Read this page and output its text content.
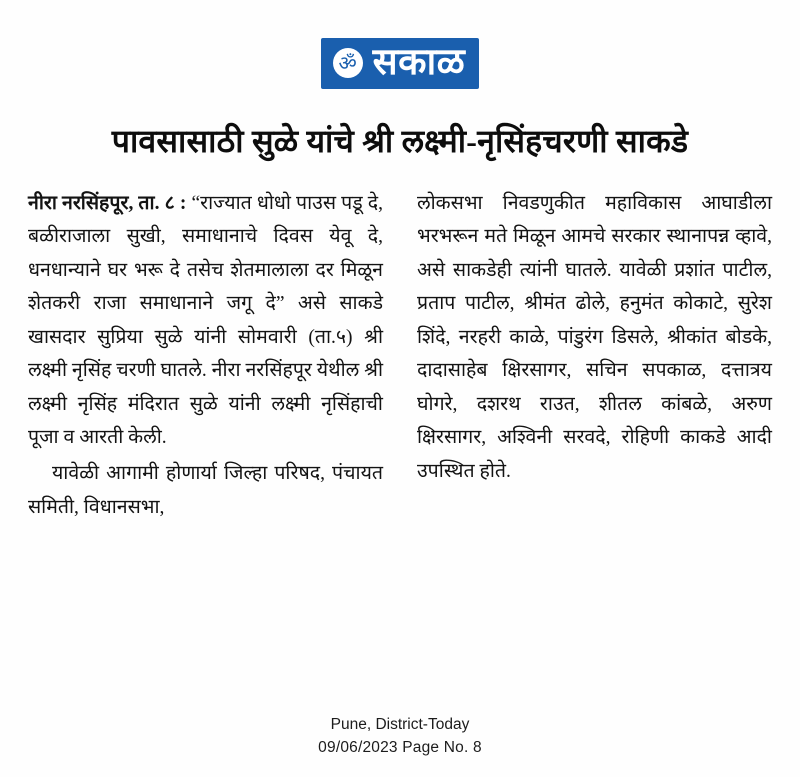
ॐ सकाळ
पावसासाठी सुळे यांचे श्री लक्ष्मी-नृसिंहचरणी साकडे

नीरा नरसिंहपूर, ता. ८ : “राज्यात धोधो पाउस पडू दे, बळीराजाला सुखी, समाधानाचे दिवस येवू दे, धनधान्याने घर भरू दे तसेच शेतमालाला दर मिळून शेतकरी राजा समाधानाने जगू दे” असे साकडे खासदार सुप्रिया सुळे यांनी सोमवारी (ता.५) श्री लक्ष्मी नृसिंह चरणी घातले. नीरा नरसिंहपूर येथील श्री लक्ष्मी नृसिंह मंदिरात सुळे यांनी लक्ष्मी नृसिंहाची पूजा व आरती केली.

यावेळी आगामी होणार्या जिल्हा परिषद, पंचायत समिती, विधानसभा,

लोकसभा निवडणुकीत महाविकास आघाडीला भरभरून मते मिळून आमचे सरकार स्थानापन्न व्हावे, असे साकडेही त्यांनी घातले. यावेळी प्रशांत पाटील, प्रताप पाटील, श्रीमंत ढोले, हनुमंत कोकाटे, सुरेश शिंदे, नरहरी काळे, पांडुरंग डिसले, श्रीकांत बोडके, दादासाहेब क्षिरसागर, सचिन सपकाळ, दत्तात्रय घोगरे, दशरथ राउत, शीतल कांबळे, अरुण क्षिरसागर, अश्विनी सरवदे, रोहिणी काकडे आदी उपस्थित होते.

Pune, District-Today
09/06/2023 Page No. 8
